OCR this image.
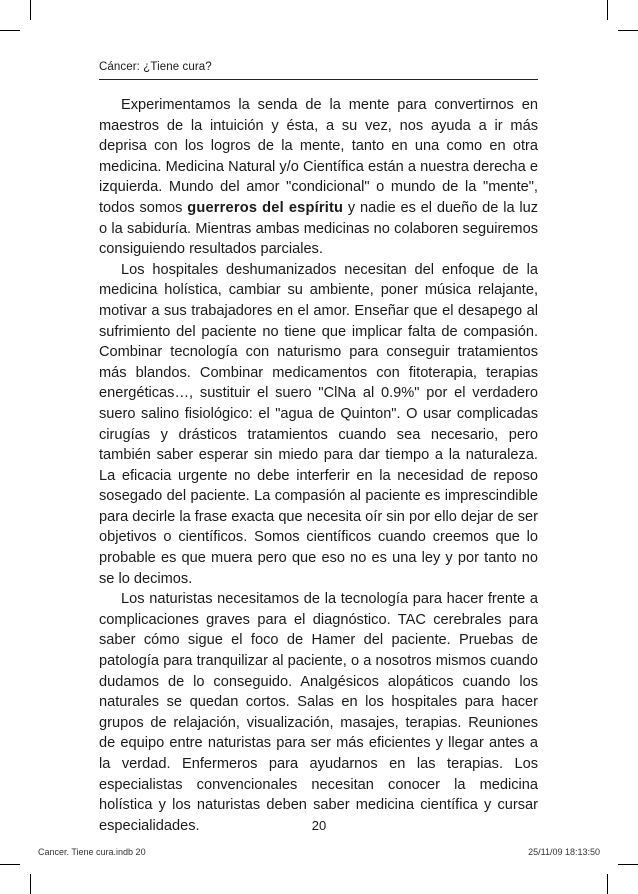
Cáncer: ¿Tiene cura?

Experimentamos la senda de la mente para convertirnos en maestros de la intuición y ésta, a su vez, nos ayuda a ir más deprisa con los logros de la mente, tanto en una como en otra medicina. Medicina Natural y/o Científica están a nuestra derecha e izquierda. Mundo del amor "condicional" o mundo de la "mente", todos somos guerreros del espíritu y nadie es el dueño de la luz o la sabiduría. Mientras ambas medicinas no colaboren seguiremos consiguiendo resultados parciales.

Los hospitales deshumanizados necesitan del enfoque de la medicina holística, cambiar su ambiente, poner música relajante, motivar a sus trabajadores en el amor. Enseñar que el desapego al sufrimiento del paciente no tiene que implicar falta de compasión. Combinar tecnología con naturismo para conseguir tratamientos más blandos. Combinar medicamentos con fitoterapia, terapias energéticas…, sustituir el suero "ClNa al 0.9%" por el verdadero suero salino fisiológico: el "agua de Quinton". O usar complicadas cirugías y drásticos tratamientos cuando sea necesario, pero también saber esperar sin miedo para dar tiempo a la naturaleza. La eficacia urgente no debe interferir en la necesidad de reposo sosegado del paciente. La compasión al paciente es imprescindible para decirle la frase exacta que necesita oír sin por ello dejar de ser objetivos o científicos. Somos científicos cuando creemos que lo probable es que muera pero que eso no es una ley y por tanto no se lo decimos.

Los naturistas necesitamos de la tecnología para hacer frente a complicaciones graves para el diagnóstico. TAC cerebrales para saber cómo sigue el foco de Hamer del paciente. Pruebas de patología para tranquilizar al paciente, o a nosotros mismos cuando dudamos de lo conseguido. Analgésicos alopáticos cuando los naturales se quedan cortos. Salas en los hospitales para hacer grupos de relajación, visualización, masajes, terapias. Reuniones de equipo entre naturistas para ser más eficientes y llegar antes a la verdad. Enfermeros para ayudarnos en las terapias. Los especialistas convencionales necesitan conocer la medicina holística y los naturistas deben saber medicina científica y cursar especialidades.	20
Cancer. Tiene cura.indb 20	25/11/09 18:13:50
